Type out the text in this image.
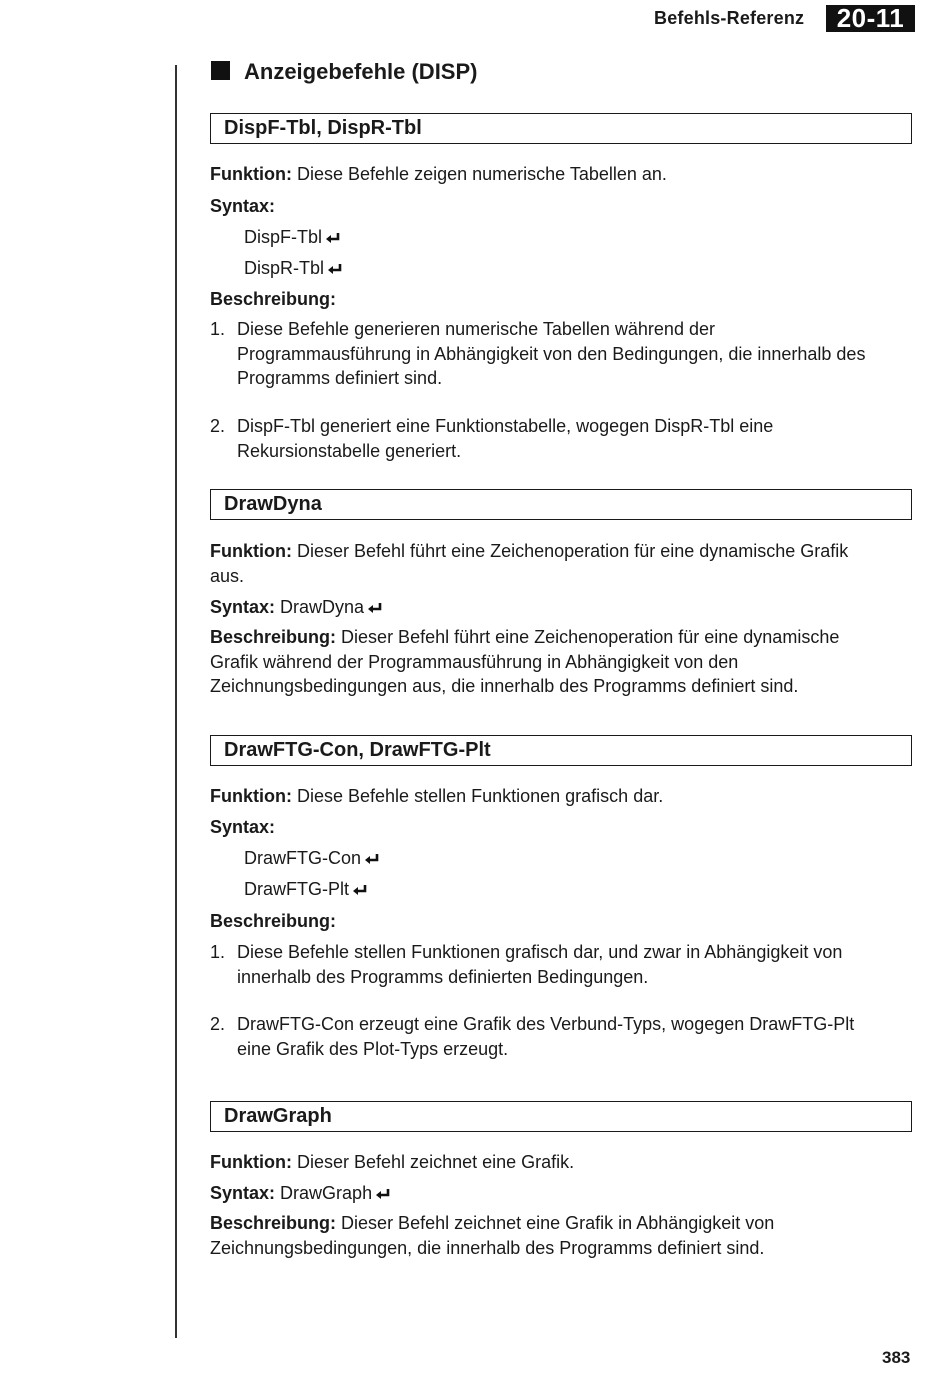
Befehls-Referenz	20-11
Anzeigebefehle (DISP)
DispF-Tbl, DispR-Tbl
Funktion: Diese Befehle zeigen numerische Tabellen an.
Syntax:
DispF-Tbl
DispR-Tbl
Beschreibung:
1. Diese Befehle generieren numerische Tabellen während der
Programmausführung in Abhängigkeit von den Bedingungen, die innerhalb des
Programms definiert sind.
2. DispF-Tbl generiert eine Funktionstabelle, wogegen DispR-Tbl eine
Rekursionstabelle generiert.
DrawDyna
Funktion: Dieser Befehl führt eine Zeichenoperation für eine dynamische Grafik
aus.
Syntax: DrawDyna
Beschreibung: Dieser Befehl führt eine Zeichenoperation für eine dynamische
Grafik während der Programmausführung in Abhängigkeit von den
Zeichnungsbedingungen aus, die innerhalb des Programms definiert sind.
DrawFTG-Con, DrawFTG-Plt
Funktion: Diese Befehle stellen Funktionen grafisch dar.
Syntax:
DrawFTG-Con
DrawFTG-Plt
Beschreibung:
1. Diese Befehle stellen Funktionen grafisch dar, und zwar in Abhängigkeit von
innerhalb des Programms definierten Bedingungen.
2. DrawFTG-Con erzeugt eine Grafik des Verbund-Typs, wogegen DrawFTG-Plt
eine Grafik des Plot-Typs erzeugt.
DrawGraph
Funktion: Dieser Befehl zeichnet eine Grafik.
Syntax: DrawGraph
Beschreibung: Dieser Befehl zeichnet eine Grafik in Abhängigkeit von
Zeichnungsbedingungen, die innerhalb des Programms definiert sind.
383
